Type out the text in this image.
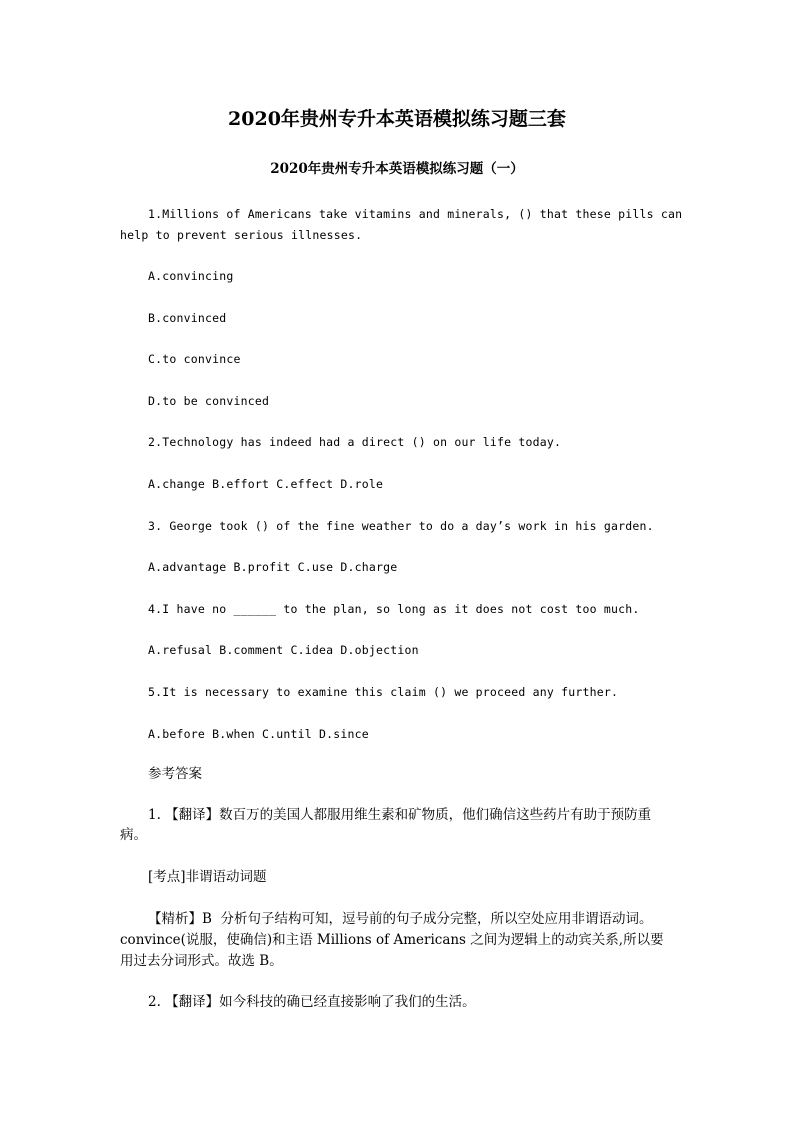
2020年贵州专升本英语模拟练习题三套
2020年贵州专升本英语模拟练习题（一）
1.Millions of Americans take vitamins and minerals, () that these pills can
help to prevent serious illnesses.
A.convincing
B.convinced
C.to convince
D.to be convinced
2.Technology has indeed had a direct () on our life today.
A.change B.effort C.effect D.role
3. George took () of the fine weather to do a day’s work in his garden.
A.advantage B.profit C.use D.charge
4.I have no ______ to the plan, so long as it does not cost too much.
A.refusal B.comment C.idea D.objection
5.It is necessary to examine this claim () we proceed any further.
A.before B.when C.until D.since
参考答案
1. 【翻译】数百万的美国人都服用维生素和矿物质，他们确信这些药片有助于预防重
病。
[考点]非谓语动词题
【精析】B  分析句子结构可知，逗号前的句子成分完整，所以空处应用非谓语动词。
convince(说服，使确信)和主语 Millions of Americans 之间为逻辑上的动宾关系,所以要
用过去分词形式。故选 B。
2. 【翻译】如今科技的确已经直接影响了我们的生活。
